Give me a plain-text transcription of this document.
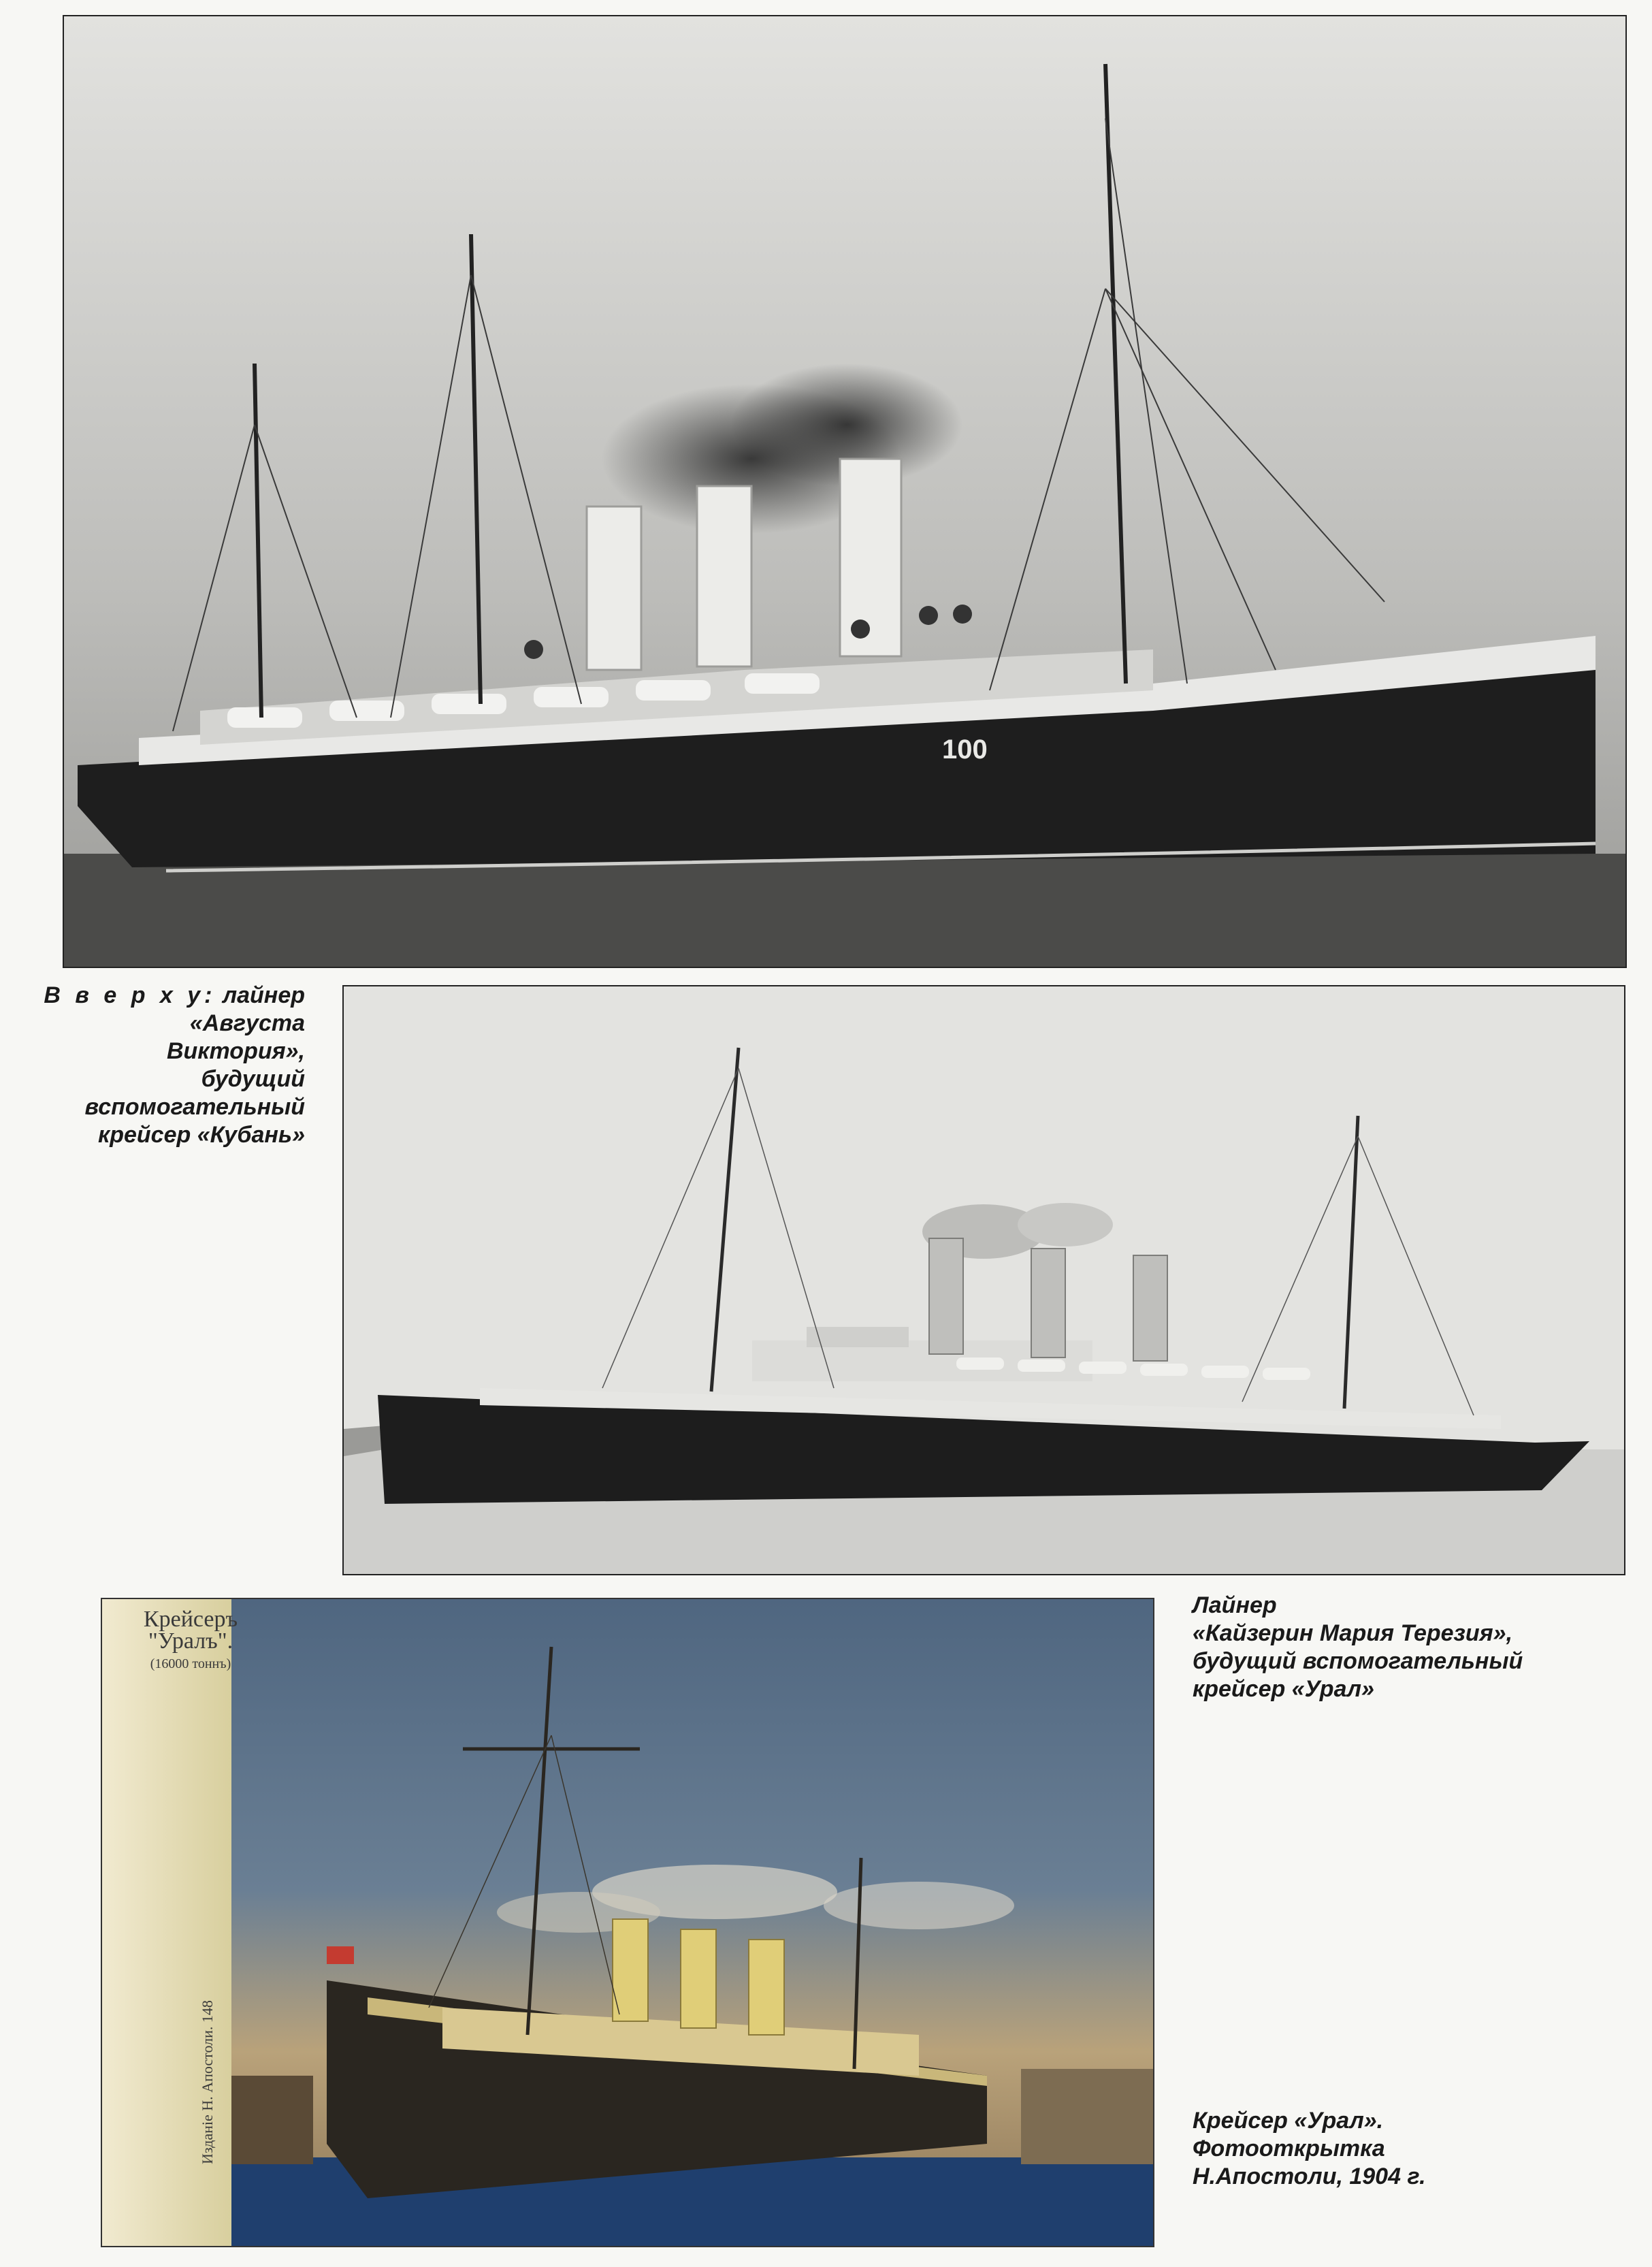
100
В в е р х у: лайнер
«Августа
Виктория»,
будущий
вспомогательный
крейсер «Кубань»
Лайнер
«Кайзерин Мария Терезия»,
будущий вспомогательный
крейсер «Урал»
Крейсеръ "Уралъ".
(16000 тоннъ)
Изданiе Н. Апостоли. 148	Крейсер «Урал».
Фотооткрытка
Н.Апостоли, 1904 г.
